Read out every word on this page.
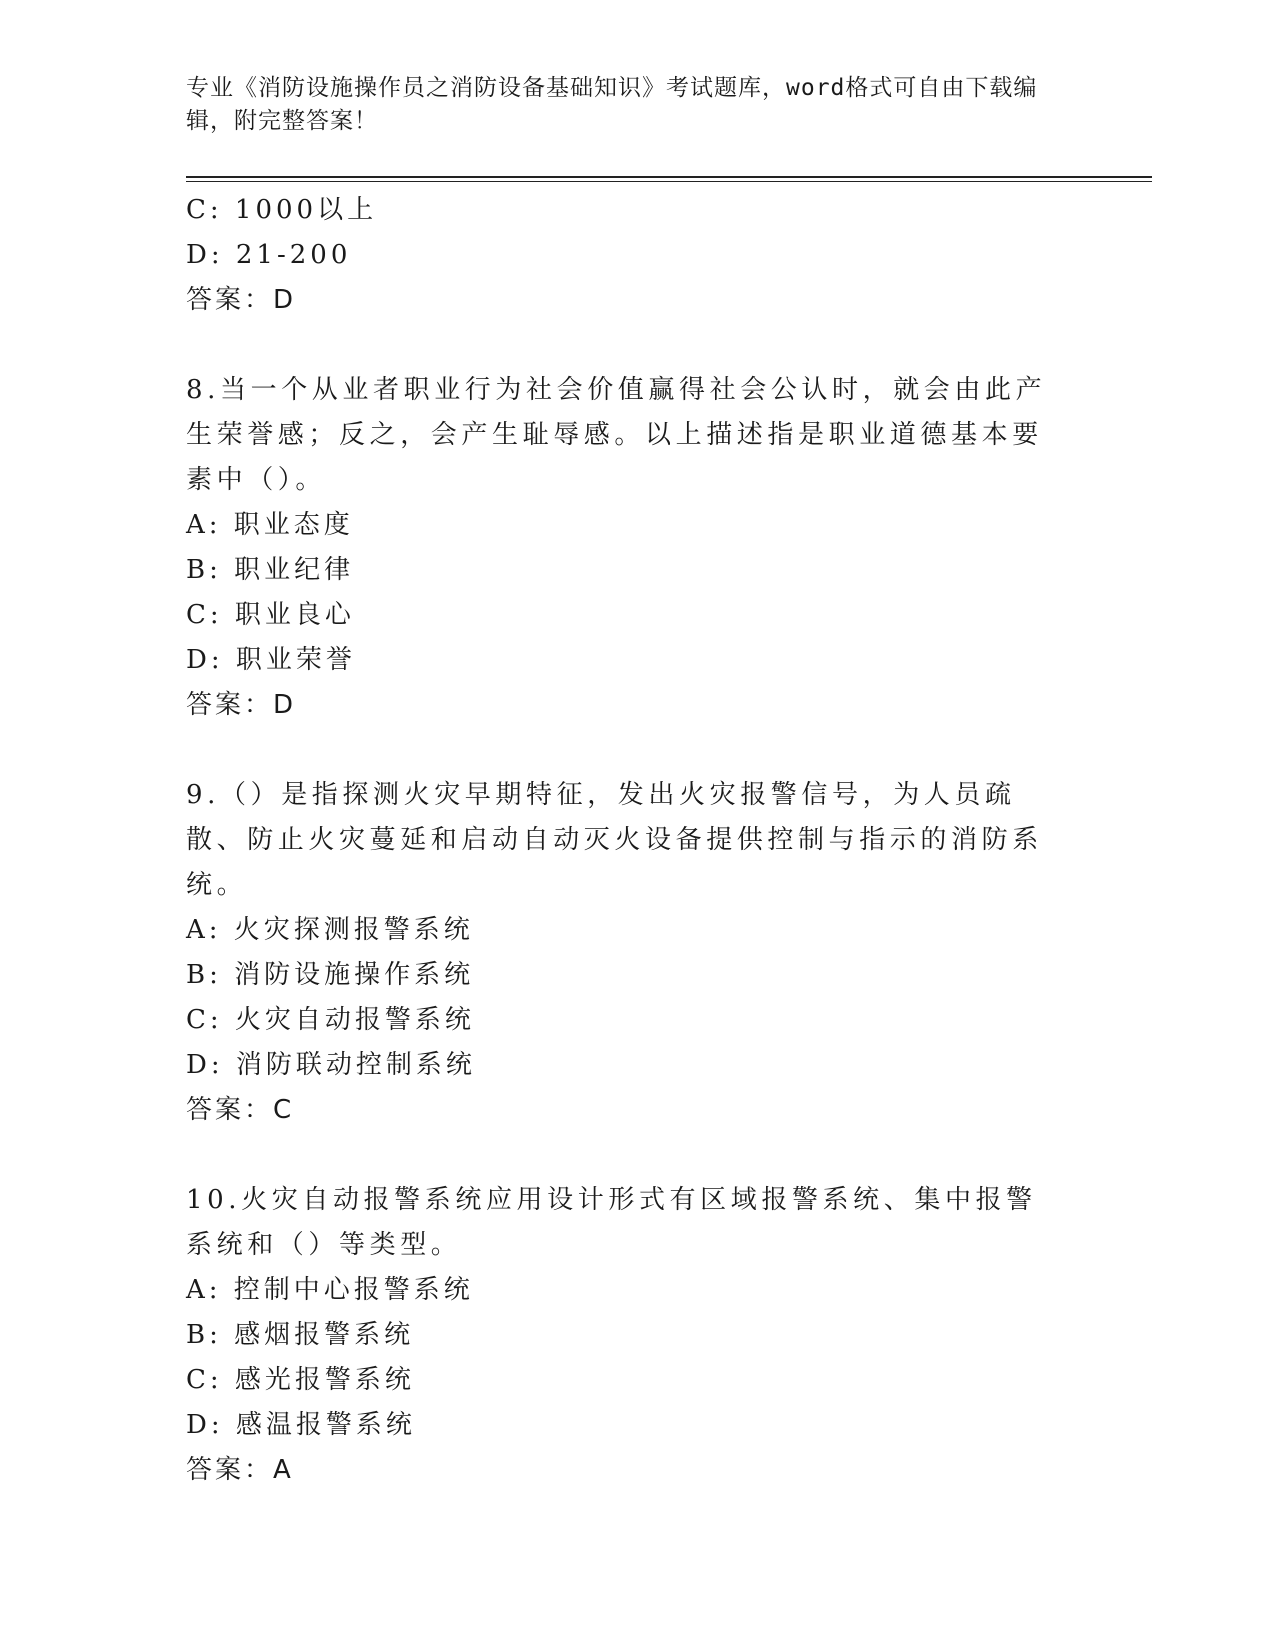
专业《消防设施操作员之消防设备基础知识》考试题库，word格式可自由下载编辑，附完整答案！
C: 1000以上
D: 21-200
答案：D
8.当一个从业者职业行为社会价值赢得社会公认时，就会由此产生荣誉感；反之，会产生耻辱感。以上描述指是职业道德基本要素中（）。
A: 职业态度
B: 职业纪律
C: 职业良心
D: 职业荣誉
答案：D
9.（）是指探测火灾早期特征，发出火灾报警信号，为人员疏散、防止火灾蔓延和启动自动灭火设备提供控制与指示的消防系统。
A: 火灾探测报警系统
B: 消防设施操作系统
C: 火灾自动报警系统
D: 消防联动控制系统
答案：C
10.火灾自动报警系统应用设计形式有区域报警系统、集中报警系统和（）等类型。
A: 控制中心报警系统
B: 感烟报警系统
C: 感光报警系统
D: 感温报警系统
答案：A
